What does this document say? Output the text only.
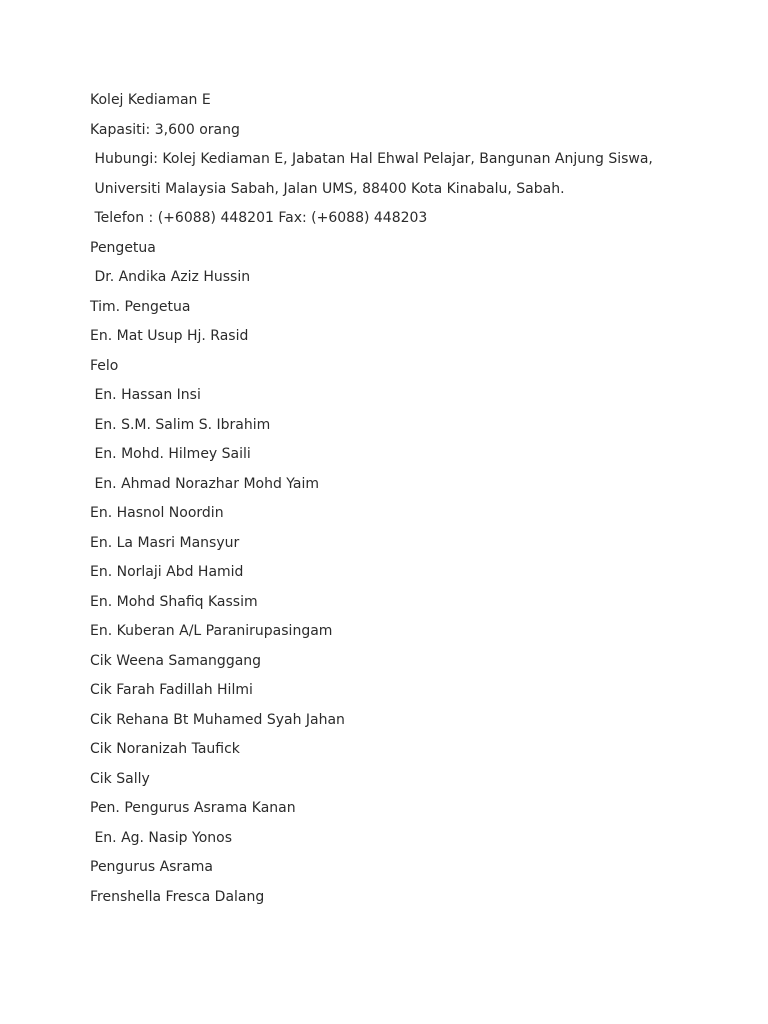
Kolej Kediaman E

Kapasiti: 3,600 orang

Hubungi: Kolej Kediaman E, Jabatan Hal Ehwal Pelajar, Bangunan Anjung Siswa,

Universiti Malaysia Sabah, Jalan UMS, 88400 Kota Kinabalu, Sabah.

Telefon : (+6088) 448201 Fax: (+6088) 448203

Pengetua

Dr. Andika Aziz Hussin

Tim. Pengetua

En. Mat Usup Hj. Rasid

Felo

En. Hassan Insi

En. S.M. Salim S. Ibrahim

En. Mohd. Hilmey Saili

En. Ahmad Norazhar Mohd Yaim

En. Hasnol Noordin

En. La Masri Mansyur

En. Norlaji Abd Hamid

En. Mohd Shafiq Kassim

En. Kuberan A/L Paranirupasingam

Cik Weena Samanggang

Cik Farah Fadillah Hilmi

Cik Rehana Bt Muhamed Syah Jahan

Cik Noranizah Taufick

Cik Sally

Pen. Pengurus Asrama Kanan

En. Ag. Nasip Yonos

Pengurus Asrama

Frenshella Fresca Dalang
